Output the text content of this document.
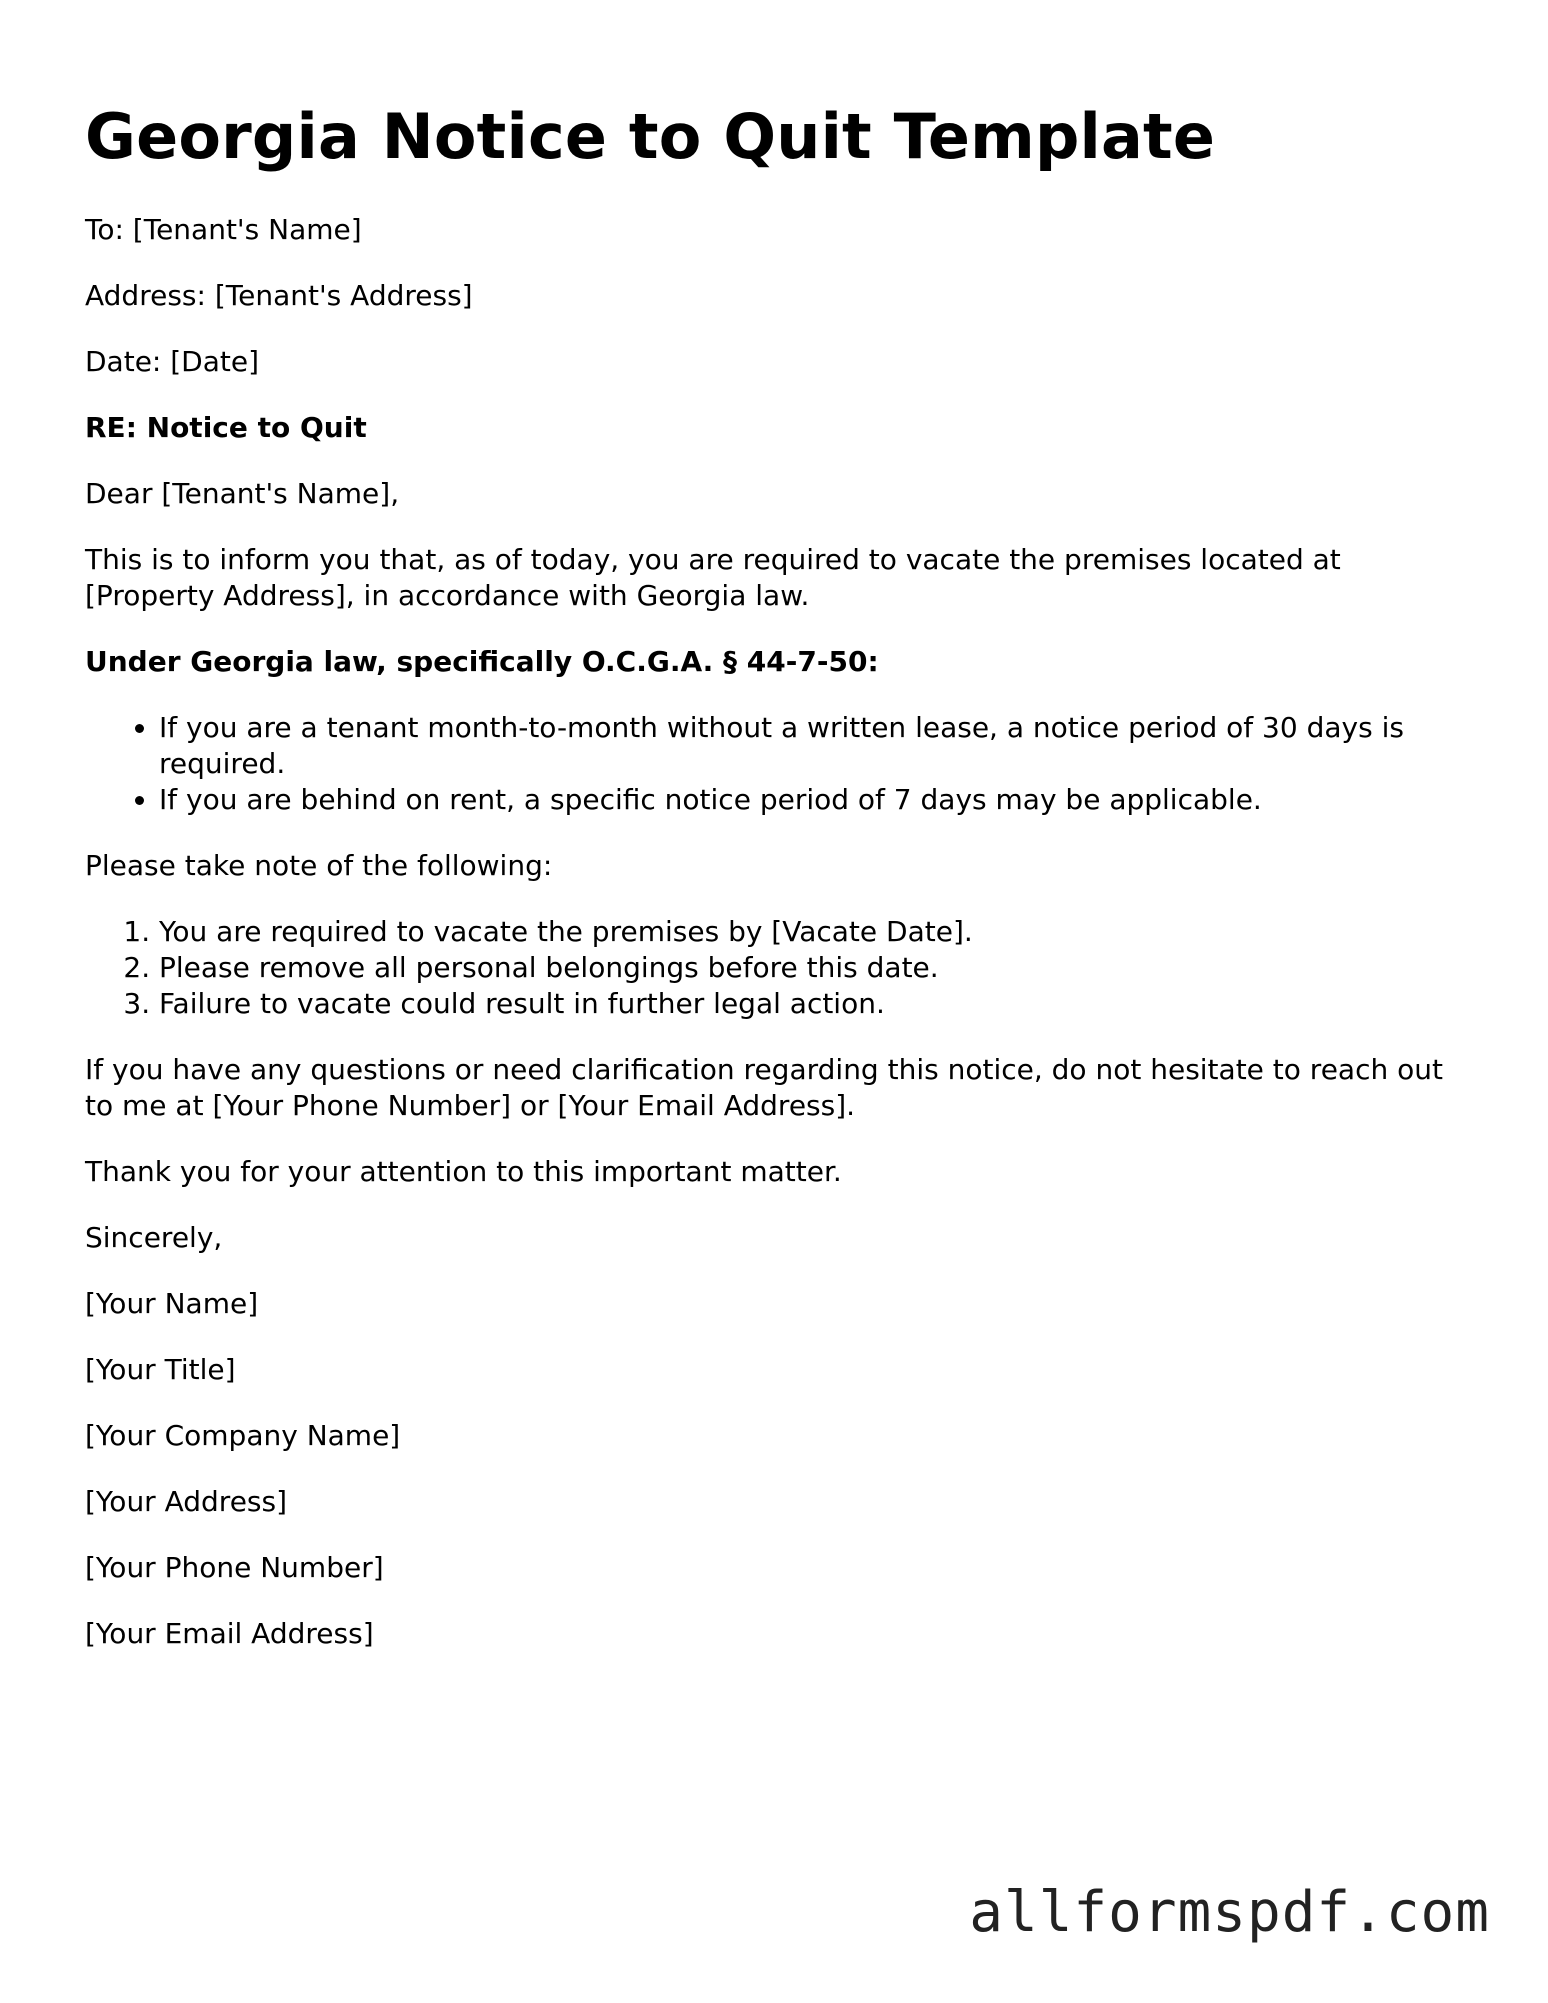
Georgia Notice to Quit Template

To: [Tenant's Name]

Address: [Tenant's Address]

Date: [Date]

RE: Notice to Quit

Dear [Tenant's Name],

This is to inform you that, as of today, you are required to vacate the premises located at [Property Address], in accordance with Georgia law.

Under Georgia law, specifically O.C.G.A. § 44-7-50:

• If you are a tenant month-to-month without a written lease, a notice period of 30 days is required.
• If you are behind on rent, a specific notice period of 7 days may be applicable.

Please take note of the following:

1. You are required to vacate the premises by [Vacate Date].
2. Please remove all personal belongings before this date.
3. Failure to vacate could result in further legal action.

If you have any questions or need clarification regarding this notice, do not hesitate to reach out to me at [Your Phone Number] or [Your Email Address].

Thank you for your attention to this important matter.

Sincerely,

[Your Name]

[Your Title]

[Your Company Name]

[Your Address]

[Your Phone Number]

[Your Email Address]

allformspdf.com
